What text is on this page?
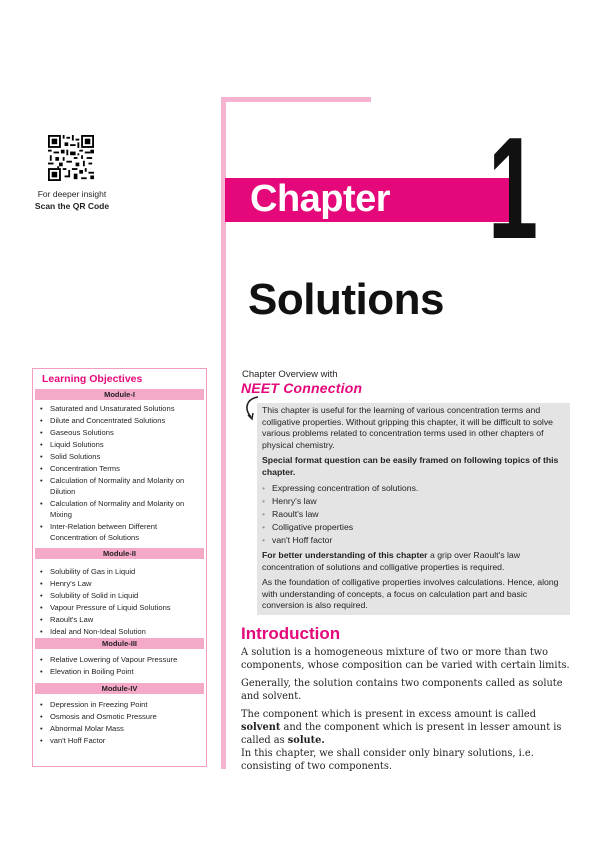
For deeper insight
Scan the QR Code	Chapter 1
Solutions
Learning Objectives
Module-I
• Saturated and Unsaturated Solutions
• Dilute and Concentrated Solutions
• Gaseous Solutions
• Liquid Solutions
• Solid Solutions
• Concentration Terms
• Calculation of Normality and Molarity on Dilution
• Calculation of Normality and Molarity on Mixing
• Inter-Relation between Different Concentration of Solutions
Module-II
• Solubility of Gas in Liquid
• Henry's Law
• Solubility of Solid in Liquid
• Vapour Pressure of Liquid Solutions
• Raoult's Law
• Ideal and Non-Ideal Solution
Module-III
• Relative Lowering of Vapour Pressure
• Elevation in Boiling Point
Module-IV
• Depression in Freezing Point
• Osmosis and Osmotic Pressure
• Abnormal Molar Mass
• van't Hoff Factor
Chapter Overview with
NEET Connection

This chapter is useful for the learning of various concentration terms and colligative properties. Without gripping this chapter, it will be difficult to solve various problems related to concentration terms used in other chapters of physical chemistry.

Special format question can be easily framed on following topics of this chapter.

• Expressing concentration of solutions.
• Henry's law
• Raoult's law
• Colligative properties
• van't Hoff factor

For better understanding of this chapter a grip over Raoult's law concentration of solutions and colligative properties is required.

As the foundation of colligative properties involves calculations. Hence, along with understanding of concepts, a focus on calculation part and basic conversion is also required.

Introduction

A solution is a homogeneous mixture of two or more than two components, whose composition can be varied with certain limits.

Generally, the solution contains two components called as solute and solvent.

The component which is present in excess amount is called solvent and the component which is present in lesser amount is called as solute.

In this chapter, we shall consider only binary solutions, i.e. consisting of two components.
